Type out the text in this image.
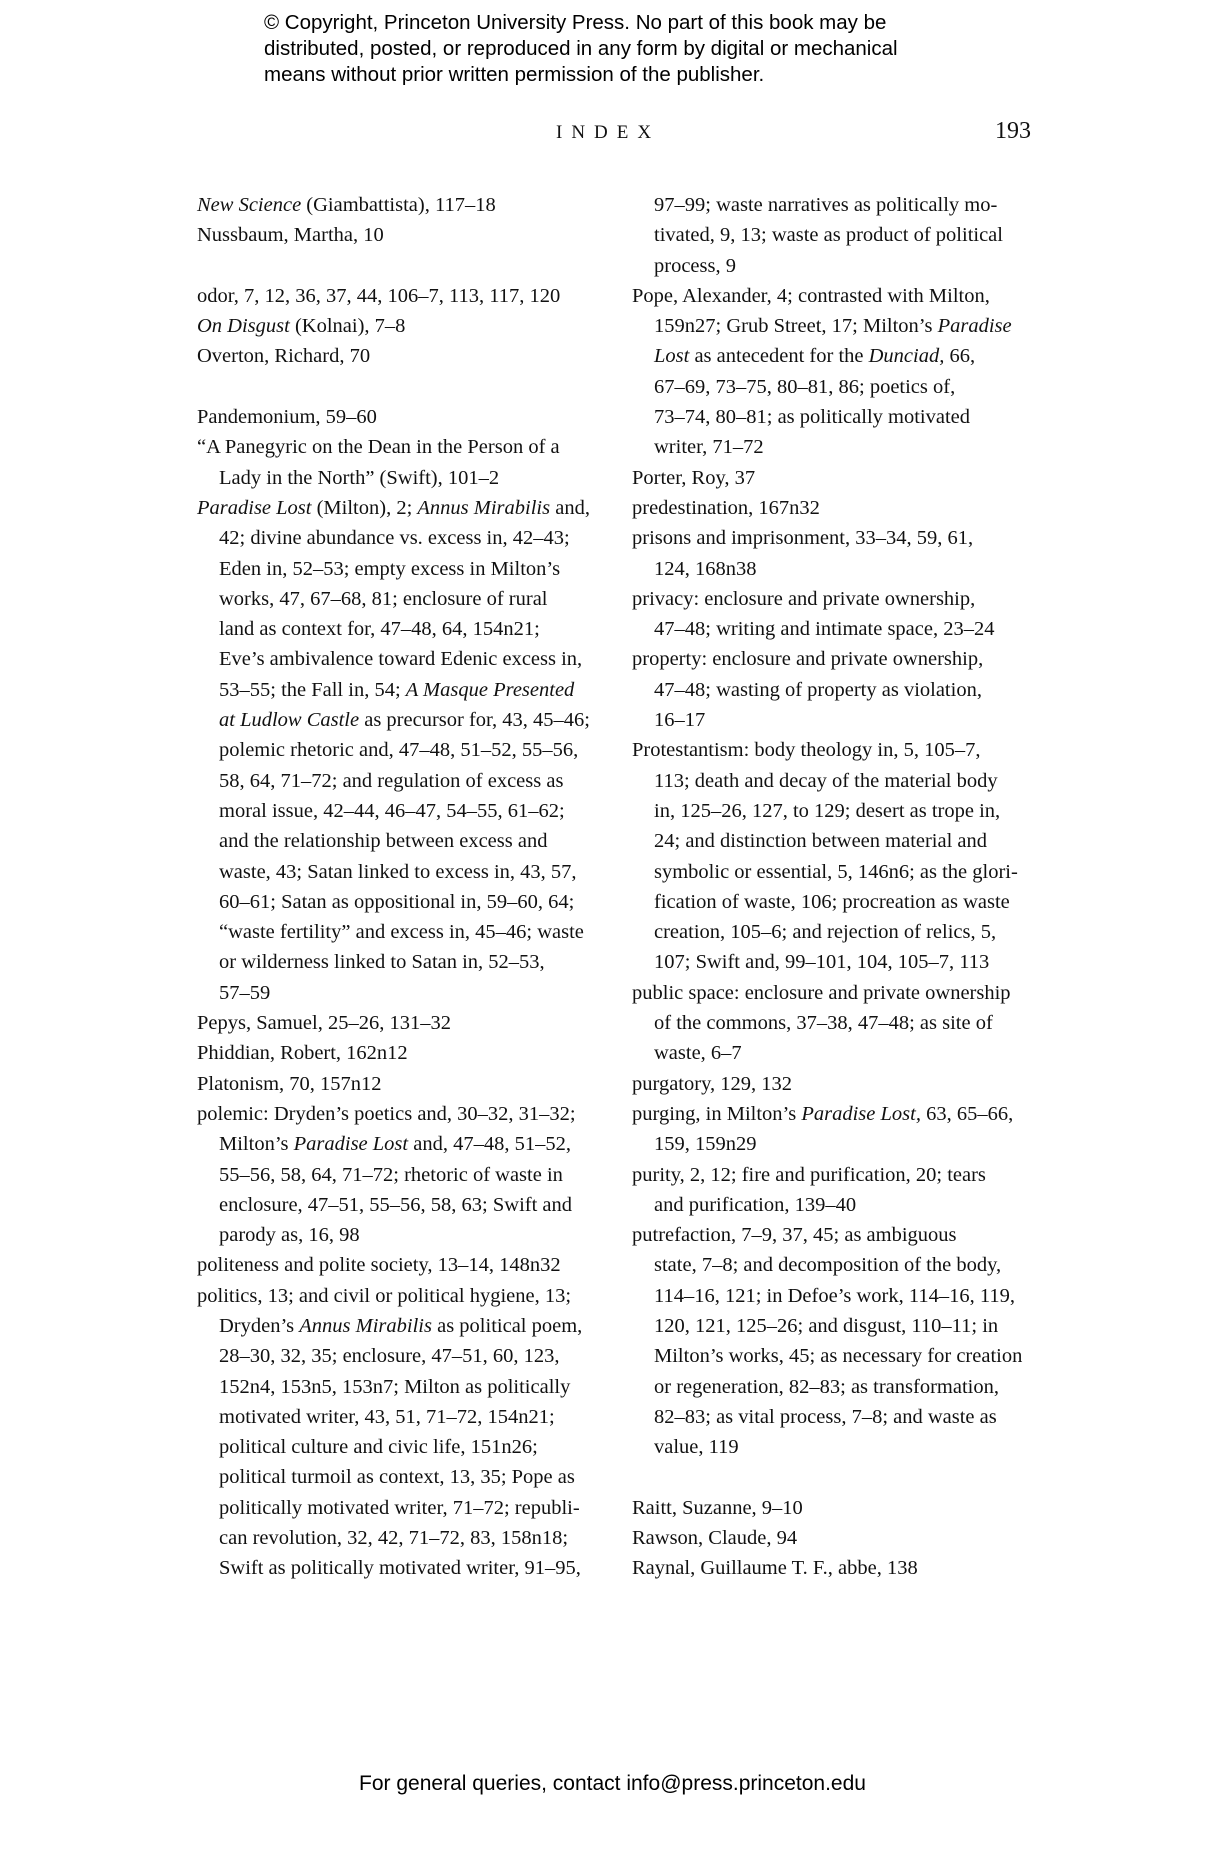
© Copyright, Princeton University Press. No part of this book may be
distributed, posted, or reproduced in any form by digital or mechanical
means without prior written permission of the publisher.
INDEX	193
New Science (Giambattista), 117–18
Nussbaum, Martha, 10
odor, 7, 12, 36, 37, 44, 106–7, 113, 117, 120
On Disgust (Kolnai), 7–8
Overton, Richard, 70
Pandemonium, 59–60
“A Panegyric on the Dean in the Person of a
Lady in the North” (Swift), 101–2
Paradise Lost (Milton), 2; Annus Mirabilis and,
42; divine abundance vs. excess in, 42–43;
Eden in, 52–53; empty excess in Milton’s
works, 47, 67–68, 81; enclosure of rural
land as context for, 47–48, 64, 154n21;
Eve’s ambivalence toward Edenic excess in,
53–55; the Fall in, 54; A Masque Presented
at Ludlow Castle as precursor for, 43, 45–46;
polemic rhetoric and, 47–48, 51–52, 55–56,
58, 64, 71–72; and regulation of excess as
moral issue, 42–44, 46–47, 54–55, 61–62;
and the relationship between excess and
waste, 43; Satan linked to excess in, 43, 57,
60–61; Satan as oppositional in, 59–60, 64;
“waste fertility” and excess in, 45–46; waste
or wilderness linked to Satan in, 52–53,
57–59
Pepys, Samuel, 25–26, 131–32
Phiddian, Robert, 162n12
Platonism, 70, 157n12
polemic: Dryden’s poetics and, 30–32, 31–32;
Milton’s Paradise Lost and, 47–48, 51–52,
55–56, 58, 64, 71–72; rhetoric of waste in
enclosure, 47–51, 55–56, 58, 63; Swift and
parody as, 16, 98
politeness and polite society, 13–14, 148n32
politics, 13; and civil or political hygiene, 13;
Dryden’s Annus Mirabilis as political poem,
28–30, 32, 35; enclosure, 47–51, 60, 123,
152n4, 153n5, 153n7; Milton as politically
motivated writer, 43, 51, 71–72, 154n21;
political culture and civic life, 151n26;
political turmoil as context, 13, 35; Pope as
politically motivated writer, 71–72; republi-
can revolution, 32, 42, 71–72, 83, 158n18;
Swift as politically motivated writer, 91–95,
97–99; waste narratives as politically mo-
tivated, 9, 13; waste as product of political
process, 9
Pope, Alexander, 4; contrasted with Milton,
159n27; Grub Street, 17; Milton’s Paradise
Lost as antecedent for the Dunciad, 66,
67–69, 73–75, 80–81, 86; poetics of,
73–74, 80–81; as politically motivated
writer, 71–72
Porter, Roy, 37
predestination, 167n32
prisons and imprisonment, 33–34, 59, 61,
124, 168n38
privacy: enclosure and private ownership,
47–48; writing and intimate space, 23–24
property: enclosure and private ownership,
47–48; wasting of property as violation,
16–17
Protestantism: body theology in, 5, 105–7,
113; death and decay of the material body
in, 125–26, 127, to 129; desert as trope in,
24; and distinction between material and
symbolic or essential, 5, 146n6; as the glori-
fication of waste, 106; procreation as waste
creation, 105–6; and rejection of relics, 5,
107; Swift and, 99–101, 104, 105–7, 113
public space: enclosure and private ownership
of the commons, 37–38, 47–48; as site of
waste, 6–7
purgatory, 129, 132
purging, in Milton’s Paradise Lost, 63, 65–66,
159, 159n29
purity, 2, 12; fire and purification, 20; tears
and purification, 139–40
putrefaction, 7–9, 37, 45; as ambiguous
state, 7–8; and decomposition of the body,
114–16, 121; in Defoe’s work, 114–16, 119,
120, 121, 125–26; and disgust, 110–11; in
Milton’s works, 45; as necessary for creation
or regeneration, 82–83; as transformation,
82–83; as vital process, 7–8; and waste as
value, 119
Raitt, Suzanne, 9–10
Rawson, Claude, 94
Raynal, Guillaume T. F., abbe, 138
For general queries, contact info@press.princeton.edu
